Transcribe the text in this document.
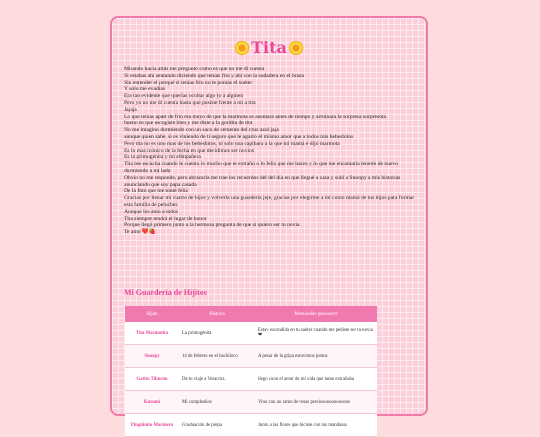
Tita
Mirando hacia atrás me pregunto como es que no me di cuenta
Si estabas ahí sentando diciendo que tenías frío y ahí con la sudadera en el brazo
Sin entender el porqué si tenías frío no te ponías el suéter
Y solo me evadías
Era tan evidente que querías ocultar algo (o a alguien
Pero yo no me di cuenta hasta que pusiste frente a mí a tita
Jajaja
Lo que tenías apart de frío era meyo de que la marmota se asomara antes de tiempo y arruinara la sorpresa sorpresota
bueno es que escogiste bien y me diste a la gordita de tita
No me imagino durmiendo con un saco de cemento del cruz azul jaja
aunque quien sabe, si es viniendo de ti seguro que le agarro el mismo amor que a todos mis bebeshitos
Pero tita no es uno mas de los bebeshitos, ni solo una capibara a la que mi mamá e dijó marmota
Es lo mas icónico de la fecha en que decidimos ser novios
Es la primogénita y mi e0mpañera
Tita me escucha cuando le cuento lo mucho que te extraño o lo feliz que me haces y lo que me encantaria tenerte de nuevo durmiendo a mi lado
Obvio no me responde, pero abrazarla me trae los recuerdos del del día en que llegué a casa y subí a Snoopy a mis historias anunciando que soy papa casada
De la foto que me tomé feliz
Gracias por llenar mi cuarto de hijos y volverla una guardería jeje, gracias por elegirme a mí como mamá de tus hijos para formar esta familia de peluches
Aunque los amo a todos
Tita siempre tendrá el lugar de honor
Porque llegó primero junto a la hermosa pregunta de que si quiero ser tu novia
Te amo ❤️🍓
Mi Guardería de Hijitos
Hijito	Historia	Memorable pasooorrrr
Tita Marmotita	La primogénita	Estav escondida en tu suéter cuando me pediste ser tu novia ❤
Snoopy	14 de febrero en el bachiloco	A pesar de la gripa estuvimos juntos
Gatito Tiburón	De tu viaje a Veracruz.	llego coon el amor de mi vida que tanto extrañaba
Kuromi	Mi cumpleaños	Vino con un ramo de rosas preciosoooooooooos
Pingüinito Marinero	Graduación de prepa	Junto a las flores que hiciste con tus manitasss
